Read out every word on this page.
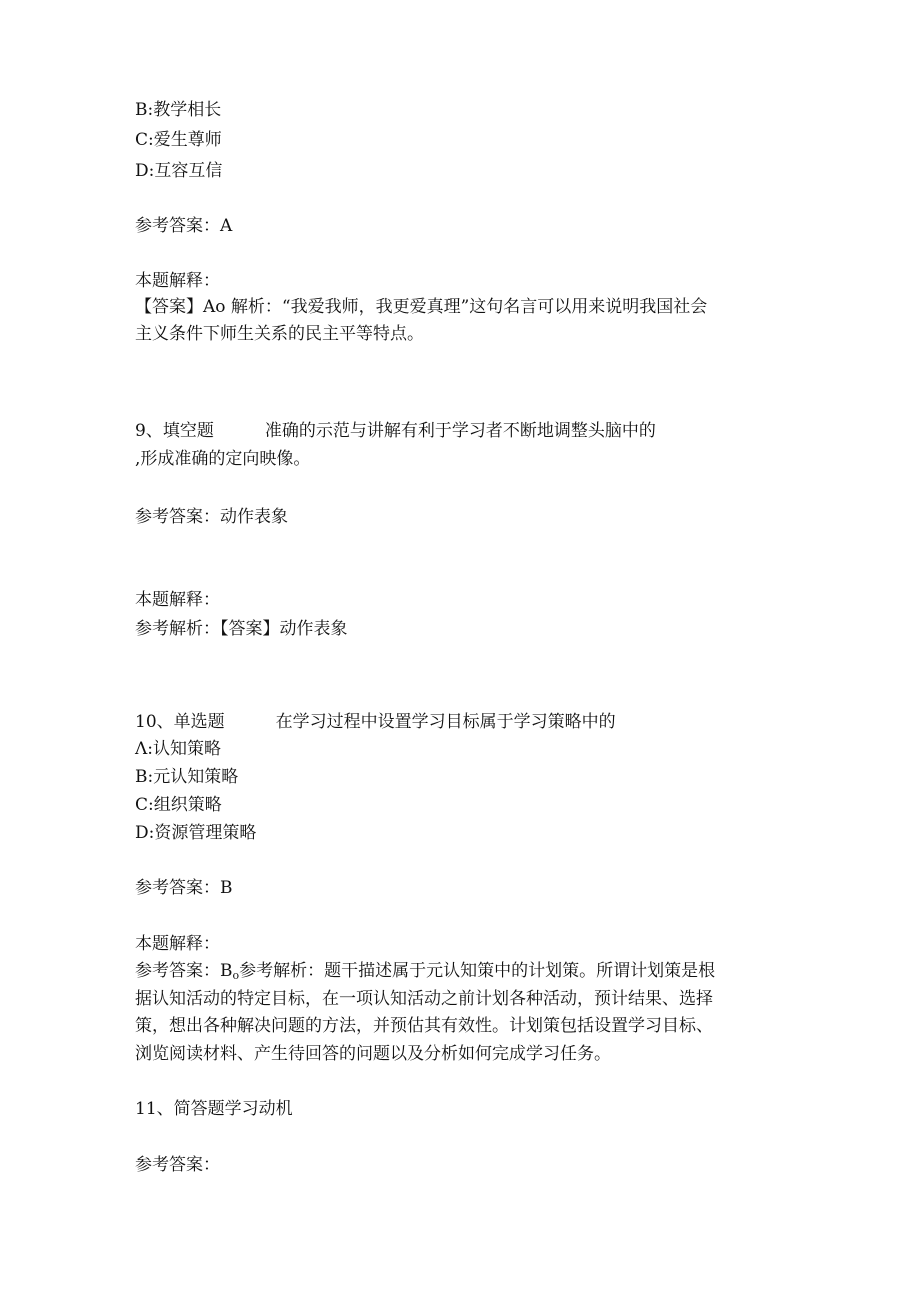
B:教学相长
C:爱生尊师
D:互容互信
参考答案：A
本题解释：
【答案】Ao 解析：“我爱我师，我更爱真理”这句名言可以用来说明我国社会
主义条件下师生关系的民主平等特点。
9、填空题　　　准确的示范与讲解有利于学习者不断地调整头脑中的
,形成准确的定向映像。
参考答案：动作表象
本题解释：
参考解析：【答案】动作表象
10、单选题　　　在学习过程中设置学习目标属于学习策略中的
Λ:认知策略
B:元认知策略
C:组织策略
D:资源管理策略
参考答案：B
本题解释：
参考答案：$B_o$参考解析：题干描述属于元认知策中的计划策。所谓计划策是根
据认知活动的特定目标，在一项认知活动之前计划各种活动，预计结果、选择
策，想出各种解决问题的方法，并预估其有效性。计划策包括设置学习目标、
浏览阅读材料、产生待回答的问题以及分析如何完成学习任务。
11、简答题学习动机
参考答案：
